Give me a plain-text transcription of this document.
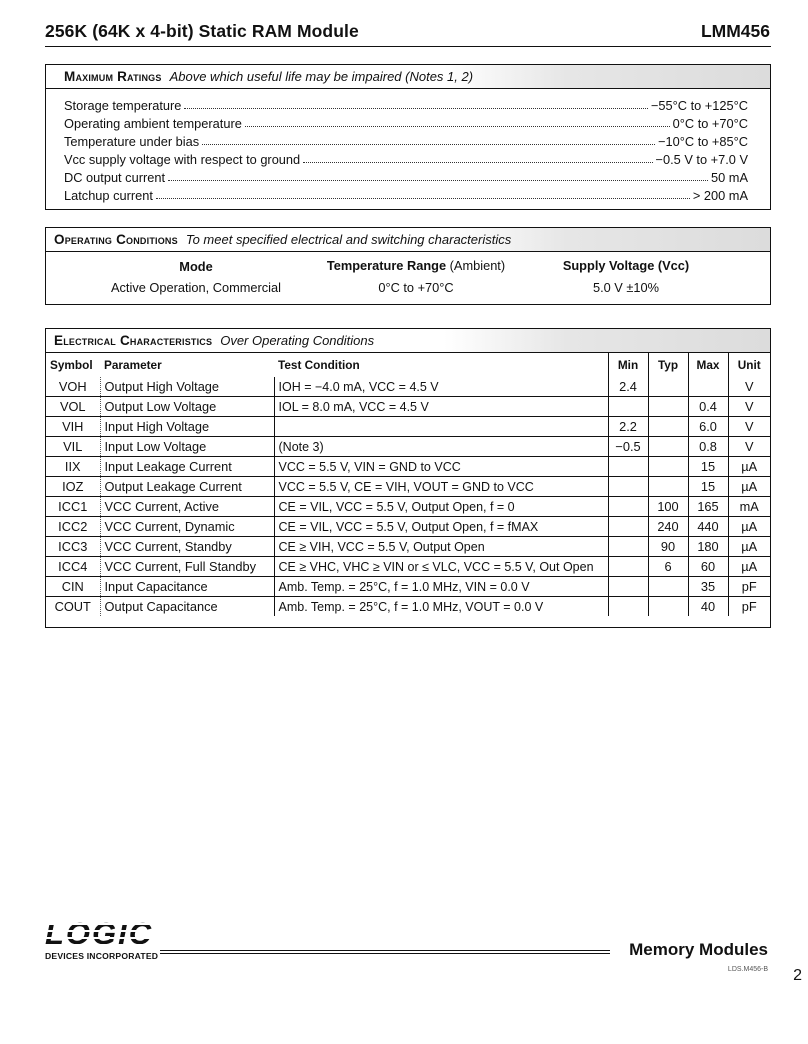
256K (64K x 4-bit) Static RAM Module	LMM456
Maximum Ratings Above which useful life may be impaired (Notes 1, 2)
Storage temperature	−55°C to +125°C
Operating ambient temperature	0°C to +70°C
Temperature under bias	−10°C to +85°C
Vcc supply voltage with respect to ground	−0.5 V to +7.0 V
DC output current	50 mA
Latchup current	> 200 mA
Operating Conditions To meet specified electrical and switching characteristics
Mode	Temperature Range (Ambient)	Supply Voltage (Vcc)
Active Operation, Commercial	0°C to +70°C	5.0 V ±10%
Electrical Characteristics Over Operating Conditions
Symbol	Parameter	Test Condition	Min	Typ	Max	Unit
VOH	Output High Voltage	IOH = −4.0 mA, VCC = 4.5 V	2.4			V
VOL	Output Low Voltage	IOL = 8.0 mA, VCC = 4.5 V			0.4	V
VIH	Input High Voltage		2.2		6.0	V
VIL	Input Low Voltage	(Note 3)	−0.5		0.8	V
IIX	Input Leakage Current	VCC = 5.5 V, VIN = GND to VCC			15	µA
IOZ	Output Leakage Current	VCC = 5.5 V, CE = VIH, VOUT = GND to VCC			15	µA
ICC1	VCC Current, Active	CE = VIL, VCC = 5.5 V, Output Open, f = 0		100	165	mA
ICC2	VCC Current, Dynamic	CE = VIL, VCC = 5.5 V, Output Open, f = fMAX		240	440	µA
ICC3	VCC Current, Standby	CE ≥ VIH, VCC = 5.5 V, Output Open		90	180	µA
ICC4	VCC Current, Full Standby	CE ≥ VHC, VHC ≥ VIN or ≤ VLC, VCC = 5.5 V, Out Open		6	60	µA
CIN	Input Capacitance	Amb. Temp. = 25°C, f = 1.0 MHz, VIN = 0.0 V			35	pF
COUT	Output Capacitance	Amb. Temp. = 25°C, f = 1.0 MHz, VOUT = 0.0 V			40	pF
LOGIC
DEVICES INCORPORATED	Memory Modules
LDS.M456-B 2
